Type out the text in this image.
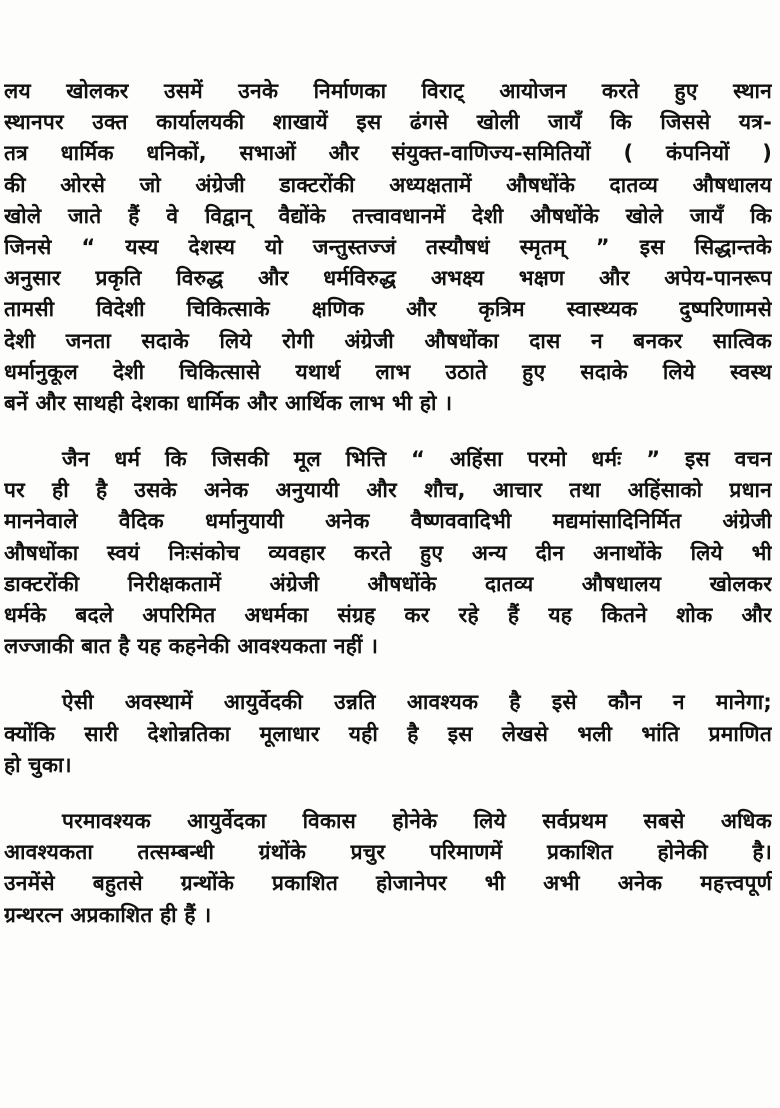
लय खोलकर उसमें उनके निर्माणका विराट् आयोजन करते हुए स्थान
स्थानपर उक्त कार्यालयकी शाखायें इस ढंगसे खोली जायँ कि जिससे यत्र-
तत्र धार्मिक धनिकों, सभाओं और संयुक्त-वाणिज्य-समितियों ( कंपनियों )
की ओरसे जो अंग्रेजी डाक्टरोंकी अध्यक्षतामें औषधोंके दातव्य औषधालय
खोले जाते हैं वे विद्वान् वैद्योंके तत्त्वावधानमें देशी औषधोंके खोले जायँ कि
जिनसे “ यस्य देशस्य यो जन्तुस्तज्जं तस्यौषधं स्मृतम् ” इस सिद्धान्तके
अनुसार प्रकृति विरुद्ध और धर्मविरुद्ध अभक्ष्य भक्षण और अपेय-पानरूप
तामसी विदेशी चिकित्साके क्षणिक और कृत्रिम स्वास्थ्यक दुष्परिणामसे
देशी जनता सदाके लिये रोगी अंग्रेजी औषधोंका दास न बनकर सात्विक
धर्मानुकूल देशी चिकित्सासे यथार्थ लाभ उठाते हुए सदाके लिये स्वस्थ
बनें और साथही देशका धार्मिक और आर्थिक लाभ भी हो ।

जैन धर्म कि जिसकी मूल भित्ति “ अहिंसा परमो धर्मः ” इस वचन
पर ही है उसके अनेक अनुयायी और शौच, आचार तथा अहिंसाको प्रधान
माननेवाले वैदिक धर्मानुयायी अनेक वैष्णववादिभी मद्यमांसादिनिर्मित अंग्रेजी
औषधोंका स्वयं निःसंकोच व्यवहार करते हुए अन्य दीन अनाथोंके लिये भी
डाक्टरोंकी निरीक्षकतामें अंग्रेजी औषधोंके दातव्य औषधालय खोलकर
धर्मके बदले अपरिमित अधर्मका संग्रह कर रहे हैं यह कितने शोक और
लज्जाकी बात है यह कहनेकी आवश्यकता नहीं ।

ऐसी अवस्थामें आयुर्वेदकी उन्नति आवश्यक है इसे कौन न मानेगा;
क्योंकि सारी देशोन्नतिका मूलाधार यही है इस लेखसे भली भांति प्रमाणित
हो चुका।

परमावश्यक आयुर्वेदका विकास होनेके लिये सर्वप्रथम सबसे अधिक
आवश्यकता तत्सम्बन्धी ग्रंथोंके प्रचुर परिमाणमें प्रकाशित होनेकी है।
उनमेंसे बहुतसे ग्रन्थोंके प्रकाशित होजानेपर भी अभी अनेक महत्त्वपूर्ण
ग्रन्थरत्न अप्रकाशित ही हैं ।
